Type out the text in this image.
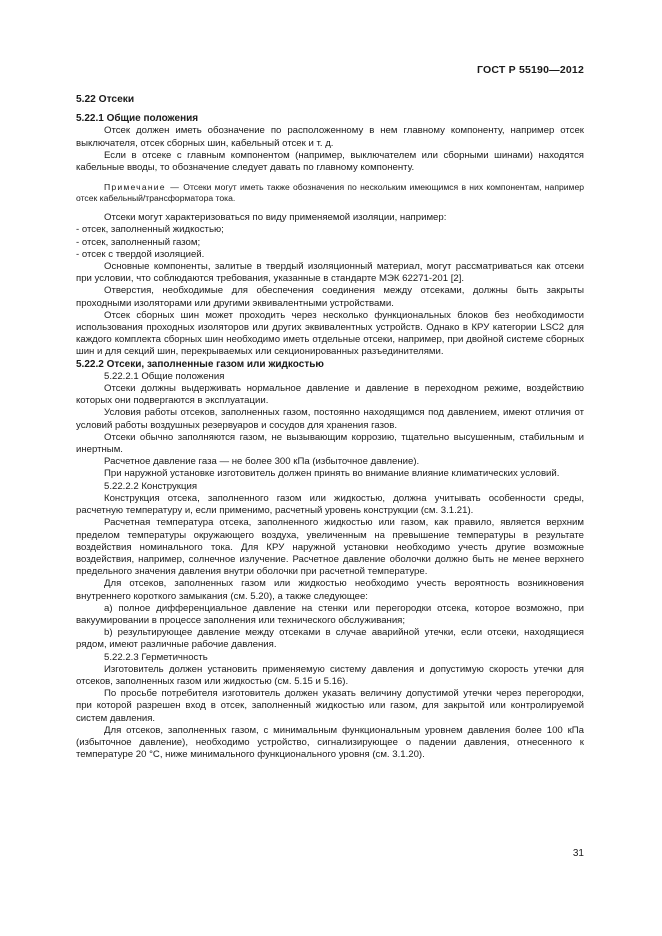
ГОСТ Р 55190—2012
5.22 Отсеки
5.22.1 Общие положения

Отсек должен иметь обозначение по расположенному в нем главному компоненту, например отсек выключателя, отсек сборных шин, кабельный отсек и т. д.

Если в отсеке с главным компонентом (например, выключателем или сборными шинами) находятся кабельные вводы, то обозначение следует давать по главному компоненту.

Примечание — Отсеки могут иметь также обозначения по нескольким имеющимся в них компонентам, например отсек кабельный/трансформатора тока.

Отсеки могут характеризоваться по виду применяемой изоляции, например:

- отсек, заполненный жидкостью;
- отсек, заполненный газом;
- отсек с твердой изоляцией.

Основные компоненты, залитые в твердый изоляционный материал, могут рассматриваться как отсеки при условии, что соблюдаются требования, указанные в стандарте МЭК 62271-201 [2].

Отверстия, необходимые для обеспечения соединения между отсеками, должны быть закрыты проходными изоляторами или другими эквивалентными устройствами.

Отсек сборных шин может проходить через несколько функциональных блоков без необходимости использования проходных изоляторов или других эквивалентных устройств. Однако в КРУ категории LSC2 для каждого комплекта сборных шин необходимо иметь отдельные отсеки, например, при двойной системе сборных шин и для секций шин, перекрываемых или секционированных разъединителями.

5.22.2 Отсеки, заполненные газом или жидкостью
5.22.2.1 Общие положения

Отсеки должны выдерживать нормальное давление и давление в переходном режиме, воздействию которых они подвергаются в эксплуатации.

Условия работы отсеков, заполненных газом, постоянно находящимся под давлением, имеют отличия от условий работы воздушных резервуаров и сосудов для хранения газов.

Отсеки обычно заполняются газом, не вызывающим коррозию, тщательно высушенным, стабильным и инертным.

Расчетное давление газа — не более 300 кПа (избыточное давление).

При наружной установке изготовитель должен принять во внимание влияние климатических условий.

5.22.2.2 Конструкция

Конструкция отсека, заполненного газом или жидкостью, должна учитывать особенности среды, расчетную температуру и, если применимо, расчетный уровень конструкции (см. 3.1.21).

Расчетная температура отсека, заполненного жидкостью или газом, как правило, является верхним пределом температуры окружающего воздуха, увеличенным на превышение температуры в результате воздействия номинального тока. Для КРУ наружной установки необходимо учесть другие возможные воздействия, например, солнечное излучение. Расчетное давление оболочки должно быть не менее верхнего предельного значения давления внутри оболочки при расчетной температуре.

Для отсеков, заполненных газом или жидкостью необходимо учесть вероятность возникновения внутреннего короткого замыкания (см. 5.20), а также следующее:

а) полное дифференциальное давление на стенки или перегородки отсека, которое возможно, при вакуумировании в процессе заполнения или технического обслуживания;

b) результирующее давление между отсеками в случае аварийной утечки, если отсеки, находящиеся рядом, имеют различные рабочие давления.

5.22.2.3 Герметичность

Изготовитель должен установить применяемую систему давления и допустимую скорость утечки для отсеков, заполненных газом или жидкостью (см. 5.15 и 5.16).

По просьбе потребителя изготовитель должен указать величину допустимой утечки через перегородки, при которой разрешен вход в отсек, заполненный жидкостью или газом, для закрытой или контролируемой систем давления.

Для отсеков, заполненных газом, с минимальным функциональным уровнем давления более 100 кПа (избыточное давление), необходимо устройство, сигнализирующее о падении давления, отнесенного к температуре 20 °С, ниже минимального функционального уровня (см. 3.1.20).

31
